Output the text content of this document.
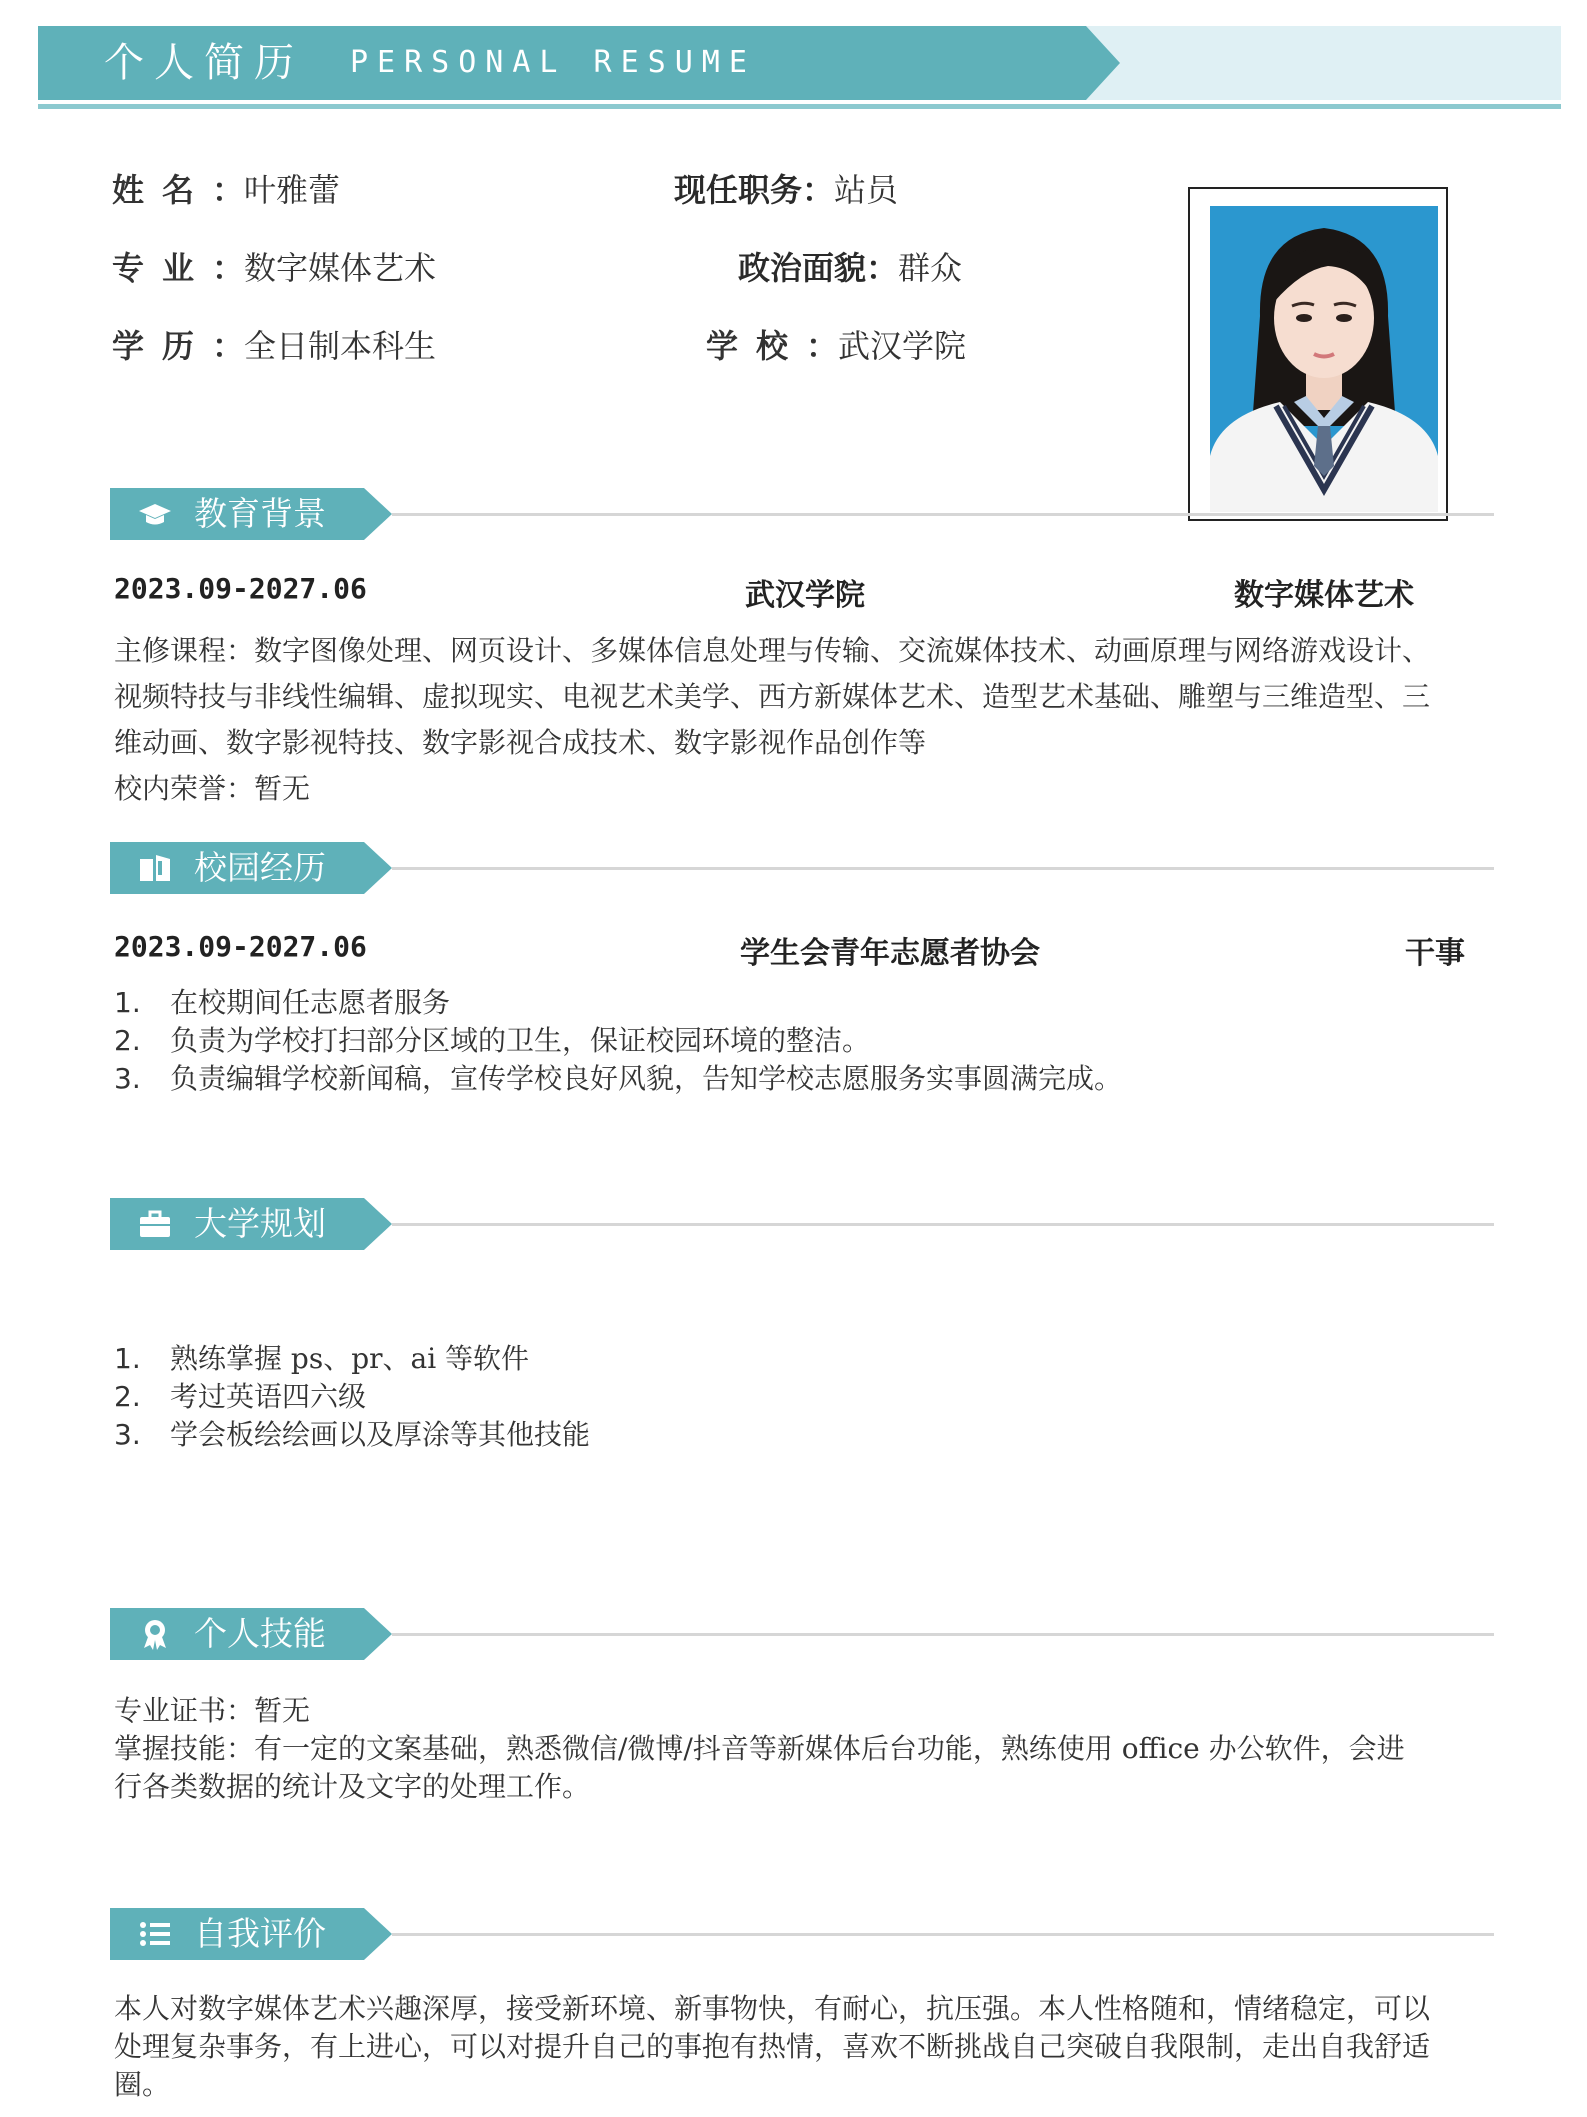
个人简历 PERSONAL RESUME
姓名：叶雅蕾	现任职务：站员
专业：数字媒体艺术	政治面貌：群众
学历：全日制本科生	学校：武汉学院
教育背景
2023.09-2027.06	武汉学院	数字媒体艺术
主修课程：数字图像处理、网页设计、多媒体信息处理与传输、交流媒体技术、动画原理与网络游戏设计、
视频特技与非线性编辑、虚拟现实、电视艺术美学、西方新媒体艺术、造型艺术基础、雕塑与三维造型、三
维动画、数字影视特技、数字影视合成技术、数字影视作品创作等
校内荣誉：暂无
校园经历
2023.09-2027.06	学生会青年志愿者协会	干事
1. 在校期间任志愿者服务
2. 负责为学校打扫部分区域的卫生，保证校园环境的整洁。
3. 负责编辑学校新闻稿，宣传学校良好风貌，告知学校志愿服务实事圆满完成。
大学规划
1. 熟练掌握 ps、pr、ai 等软件
2. 考过英语四六级
3. 学会板绘绘画以及厚涂等其他技能
个人技能
专业证书：暂无
掌握技能：有一定的文案基础，熟悉微信/微博/抖音等新媒体后台功能，熟练使用 office 办公软件，会进
行各类数据的统计及文字的处理工作。
自我评价
本人对数字媒体艺术兴趣深厚，接受新环境、新事物快，有耐心，抗压强。本人性格随和，情绪稳定，可以
处理复杂事务，有上进心，可以对提升自己的事抱有热情，喜欢不断挑战自己突破自我限制，走出自我舒适
圈。
